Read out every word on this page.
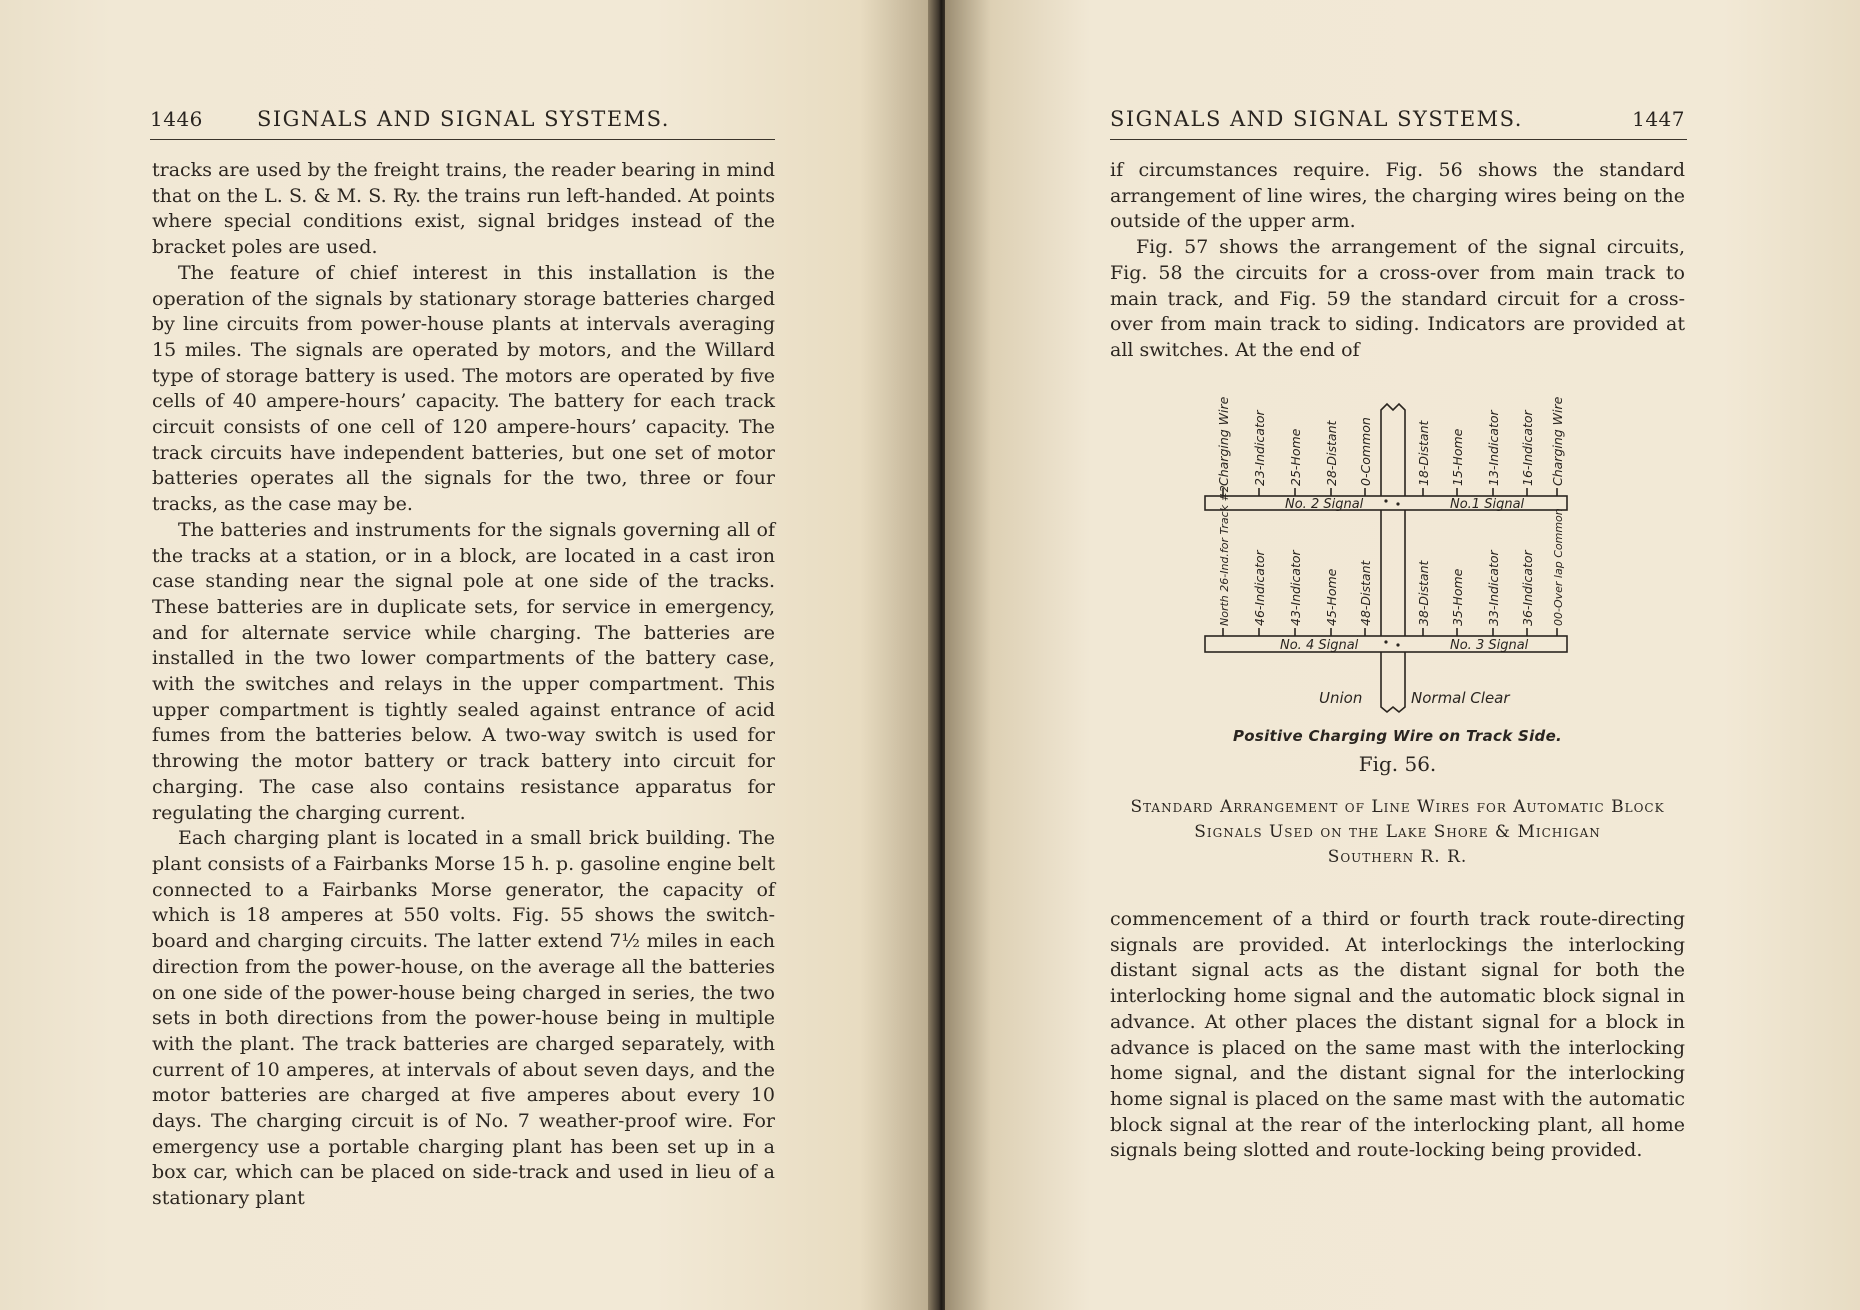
1446	SIGNALS AND SIGNAL SYSTEMS.

tracks are used by the freight trains, the reader bearing in mind that on the L. S. & M. S. Ry. the trains run left-handed. At points where special conditions exist, signal bridges instead of the bracket poles are used.

The feature of chief interest in this installation is the operation of the signals by stationary storage batteries charged by line circuits from power-house plants at intervals averaging 15 miles. The signals are operated by motors, and the Willard type of storage battery is used. The motors are operated by five cells of 40 ampere-hours’ capacity. The battery for each track circuit consists of one cell of 120 ampere-hours’ capacity. The track circuits have independent batteries, but one set of motor batteries operates all the signals for the two, three or four tracks, as the case may be.

The batteries and instruments for the signals governing all of the tracks at a station, or in a block, are located in a cast iron case standing near the signal pole at one side of the tracks. These batteries are in duplicate sets, for service in emergency, and for alternate service while charging. The batteries are installed in the two lower compartments of the battery case, with the switches and relays in the upper compartment. This upper compartment is tightly sealed against entrance of acid fumes from the batteries below. A two-way switch is used for throwing the motor battery or track battery into circuit for charging. The case also contains resistance apparatus for regulating the charging current.

Each charging plant is located in a small brick building. The plant consists of a Fairbanks Morse 15 h. p. gasoline engine belt connected to a Fairbanks Morse generator, the capacity of which is 18 amperes at 550 volts. Fig. 55 shows the switch-board and charging circuits. The latter extend 7½ miles in each direction from the power-house, on the average all the batteries on one side of the power-house being charged in series, the two sets in both directions from the power-house being in multiple with the plant. The track batteries are charged separately, with current of 10 amperes, at intervals of about seven days, and the motor batteries are charged at five amperes about every 10 days. The charging circuit is of No. 7 weather-proof wire. For emergency use a portable charging plant has been set up in a box car, which can be placed on side-track and used in lieu of a stationary plant

SIGNALS AND SIGNAL SYSTEMS.	1447

if circumstances require. Fig. 56 shows the standard arrangement of line wires, the charging wires being on the outside of the upper arm.

Fig. 57 shows the arrangement of the signal circuits, Fig. 58 the circuits for a cross-over from main track to main track, and Fig. 59 the standard circuit for a cross-over from main track to siding. Indicators are provided at all switches. At the end of

Charging Wire 23-Indicator 25-Home 28-Distant 0-Common	18-Distant 15-Home 13-Indicator 16-Indicator Charging Wire
No. 2 Signal	No.1 Signal
North 26-Ind.for Track #2 46-Indicator 43-Indicator 45-Home 48-Distant	38-Distant 35-Home 33-Indicator 36-Indicator 00-Over lap Common
No. 4 Signal	No. 3 Signal
Union	Normal Clear
Positive Charging Wire on Track Side.
Fig. 56.
Standard Arrangement of Line Wires for Automatic Block
Signals Used on the Lake Shore & Michigan
Southern R. R.

commencement of a third or fourth track route-directing signals are provided. At interlockings the interlocking distant signal acts as the distant signal for both the interlocking home signal and the automatic block signal in advance. At other places the distant signal for a block in advance is placed on the same mast with the interlocking home signal, and the distant signal for the interlocking home signal is placed on the same mast with the automatic block signal at the rear of the interlocking plant, all home signals being slotted and route-locking being provided.
